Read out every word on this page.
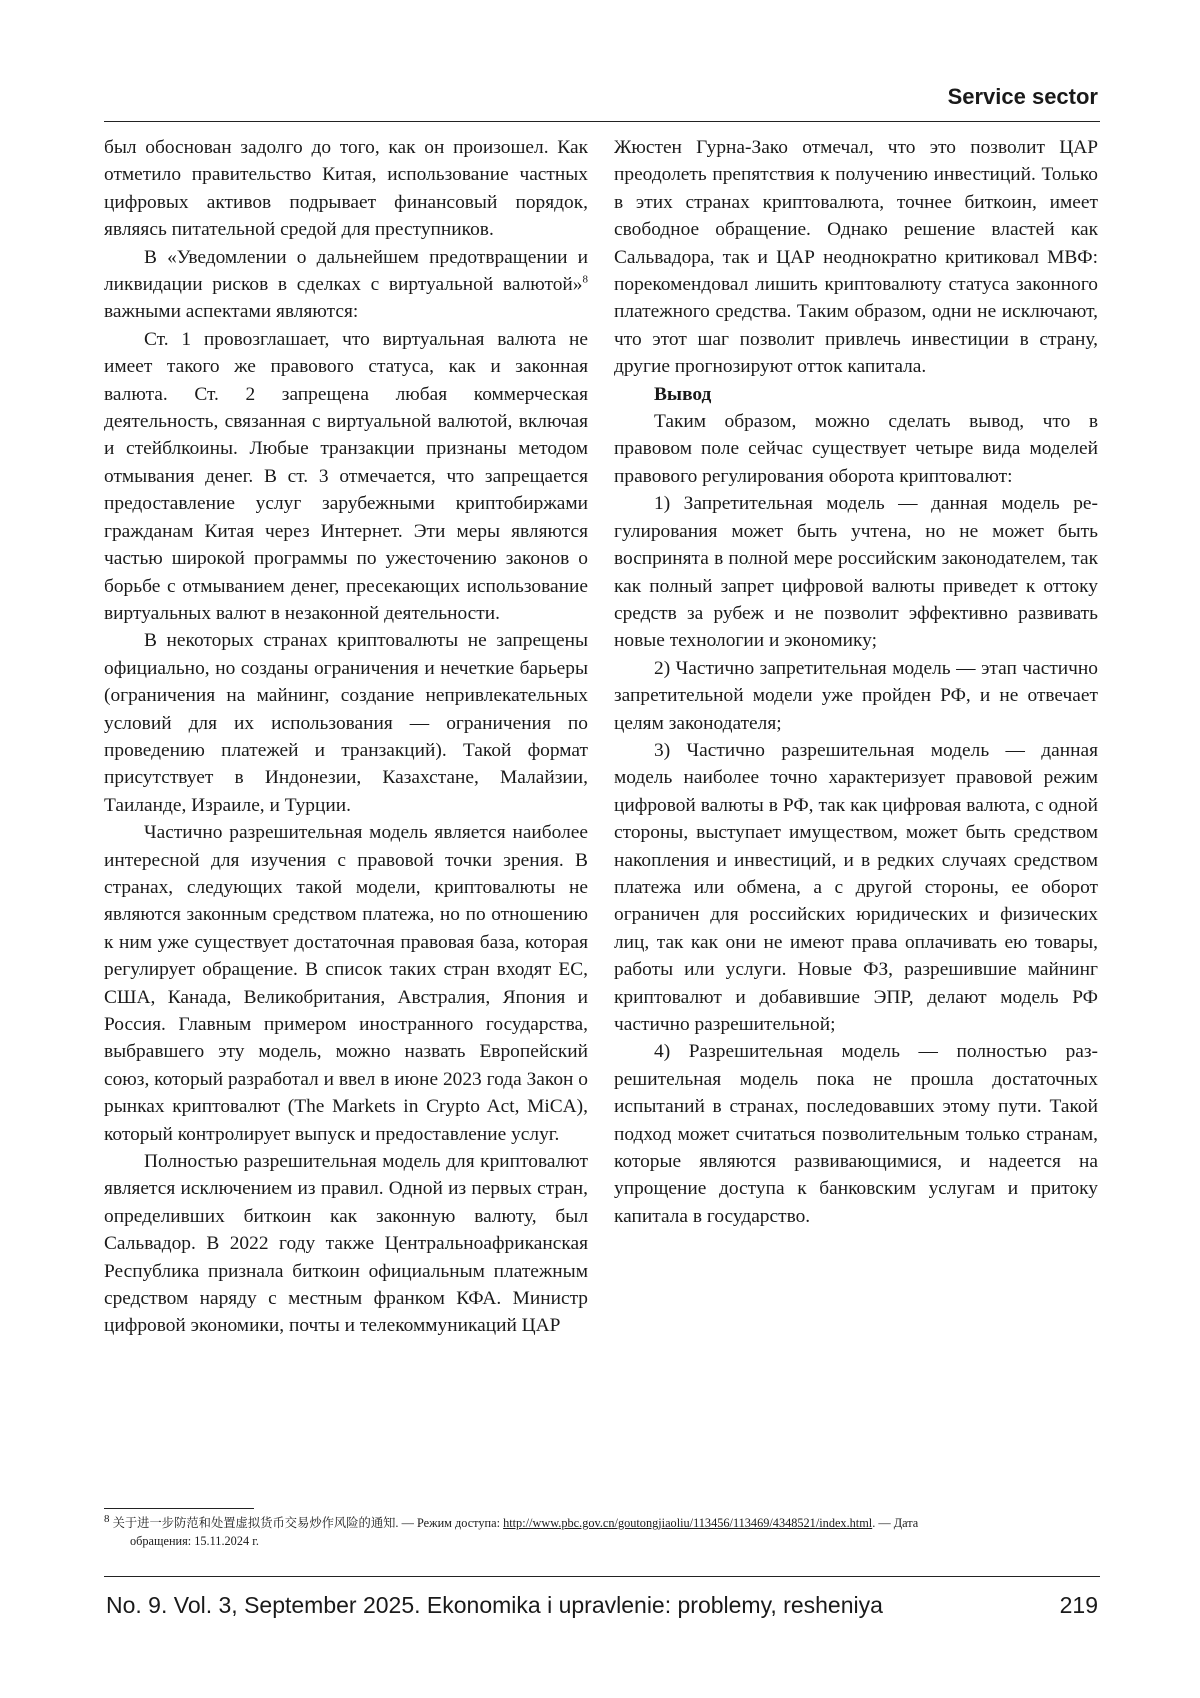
Service sector

был обоснован задолго до того, как он произошел. Как отметило правительство Китая, использование частных цифровых активов подрывает финансовый порядок, являясь питательной средой для преступников.

В «Уведомлении о дальнейшем предотвращении и ликвидации рисков в сделках с виртуальной валютой»$^8$ важными аспектами являются:

Ст. 1 провозглашает, что виртуальная валюта не имеет такого же правового статуса, как и законная валюта. Ст. 2 запрещена любая коммерческая деятельность, связанная с виртуальной валютой, включая и стейблкоины. Любые транзакции признаны методом отмывания денег. В ст. 3 отмечается, что запрещается предоставление услуг зарубежными криптобиржами гражданам Китая через Интернет. Эти меры являются частью широкой программы по ужесточению законов о борьбе с отмыванием денег, пресекающих использование виртуальных валют в незаконной деятельности.

В некоторых странах криптовалюты не запрещены официально, но созданы ограничения и нечеткие барьеры (ограничения на майнинг, создание непривлекательных условий для их использования — ограничения по проведению платежей и транзакций). Такой формат присутствует в Индонезии, Казахстане, Малайзии, Таиланде, Израиле, и Турции.

Частично разрешительная модель является наиболее интересной для изучения с правовой точки зрения. В странах, следующих такой модели, криптовалюты не являются законным средством платежа, но по отношению к ним уже существует достаточная правовая база, которая регулирует обращение. В список таких стран входят ЕС, США, Канада, Великобритания, Австралия, Япония и Россия. Главным примером иностранного государства, выбравшего эту модель, можно назвать Европейский союз, который разработал и ввел в июне 2023 года Закон о рынках криптовалют (The Markets in Crypto Act, MiCA), который контролирует выпуск и предоставление услуг.

Полностью разрешительная модель для криптовалют является исключением из правил. Одной из первых стран, определивших биткоин как законную валюту, был Сальвадор. В 2022 году также Центральноафриканская Республика признала биткоин официальным платежным средством наряду с местным франком КФА. Министр цифровой экономики, почты и телекоммуникаций ЦАР

Жюстен Гурна-Зако отмечал, что это позволит ЦАР преодолеть препятствия к получению инвестиций. Только в этих странах криптовалюта, точнее биткоин, имеет свободное обращение. Однако решение властей как Сальвадора, так и ЦАР неоднократно критиковал МВФ: порекомендовал лишить криптовалюту статуса законного платежного средства. Таким образом, одни не исключают, что этот шаг позволит привлечь инвестиции в страну, другие прогнозируют отток капитала.

Вывод

Таким образом, можно сделать вывод, что в правовом поле сейчас существует четыре вида моделей правового регулирования оборота криптовалют:

1) Запретительная модель — данная модель регулирования может быть учтена, но не может быть воспринята в полной мере российским законодателем, так как полный запрет цифровой валюты приведет к оттоку средств за рубеж и не позволит эффективно развивать новые технологии и экономику;

2) Частично запретительная модель — этап частично запретительной модели уже пройден РФ, и не отвечает целям законодателя;

3) Частично разрешительная модель — данная модель наиболее точно характеризует правовой режим цифровой валюты в РФ, так как цифровая валюта, с одной стороны, выступает имуществом, может быть средством накопления и инвестиций, и в редких случаях средством платежа или обмена, а с другой стороны, ее оборот ограничен для российских юридических и физических лиц, так как они не имеют права оплачивать ею товары, работы или услуги. Новые ФЗ, разрешившие майнинг криптовалют и добавившие ЭПР, делают модель РФ частично разрешительной;

4) Разрешительная модель — полностью разрешительная модель пока не прошла достаточных испытаний в странах, последовавших этому пути. Такой подход может считаться позволительным только странам, которые являются развивающимися, и надеется на упрощение доступа к банковским услугам и притоку капитала в государство.

$^8$ 关于进一步防范和处置虚拟货币交易炒作风险的通知. — Режим доступа: http://www.pbc.gov.cn/goutongjiaoliu/113456/113469/4348521/index.html. — Дата
обращения: 15.11.2024 г.
No. 9. Vol. 3, September 2025. Ekonomika i upravlenie: problemy, resheniya	219
